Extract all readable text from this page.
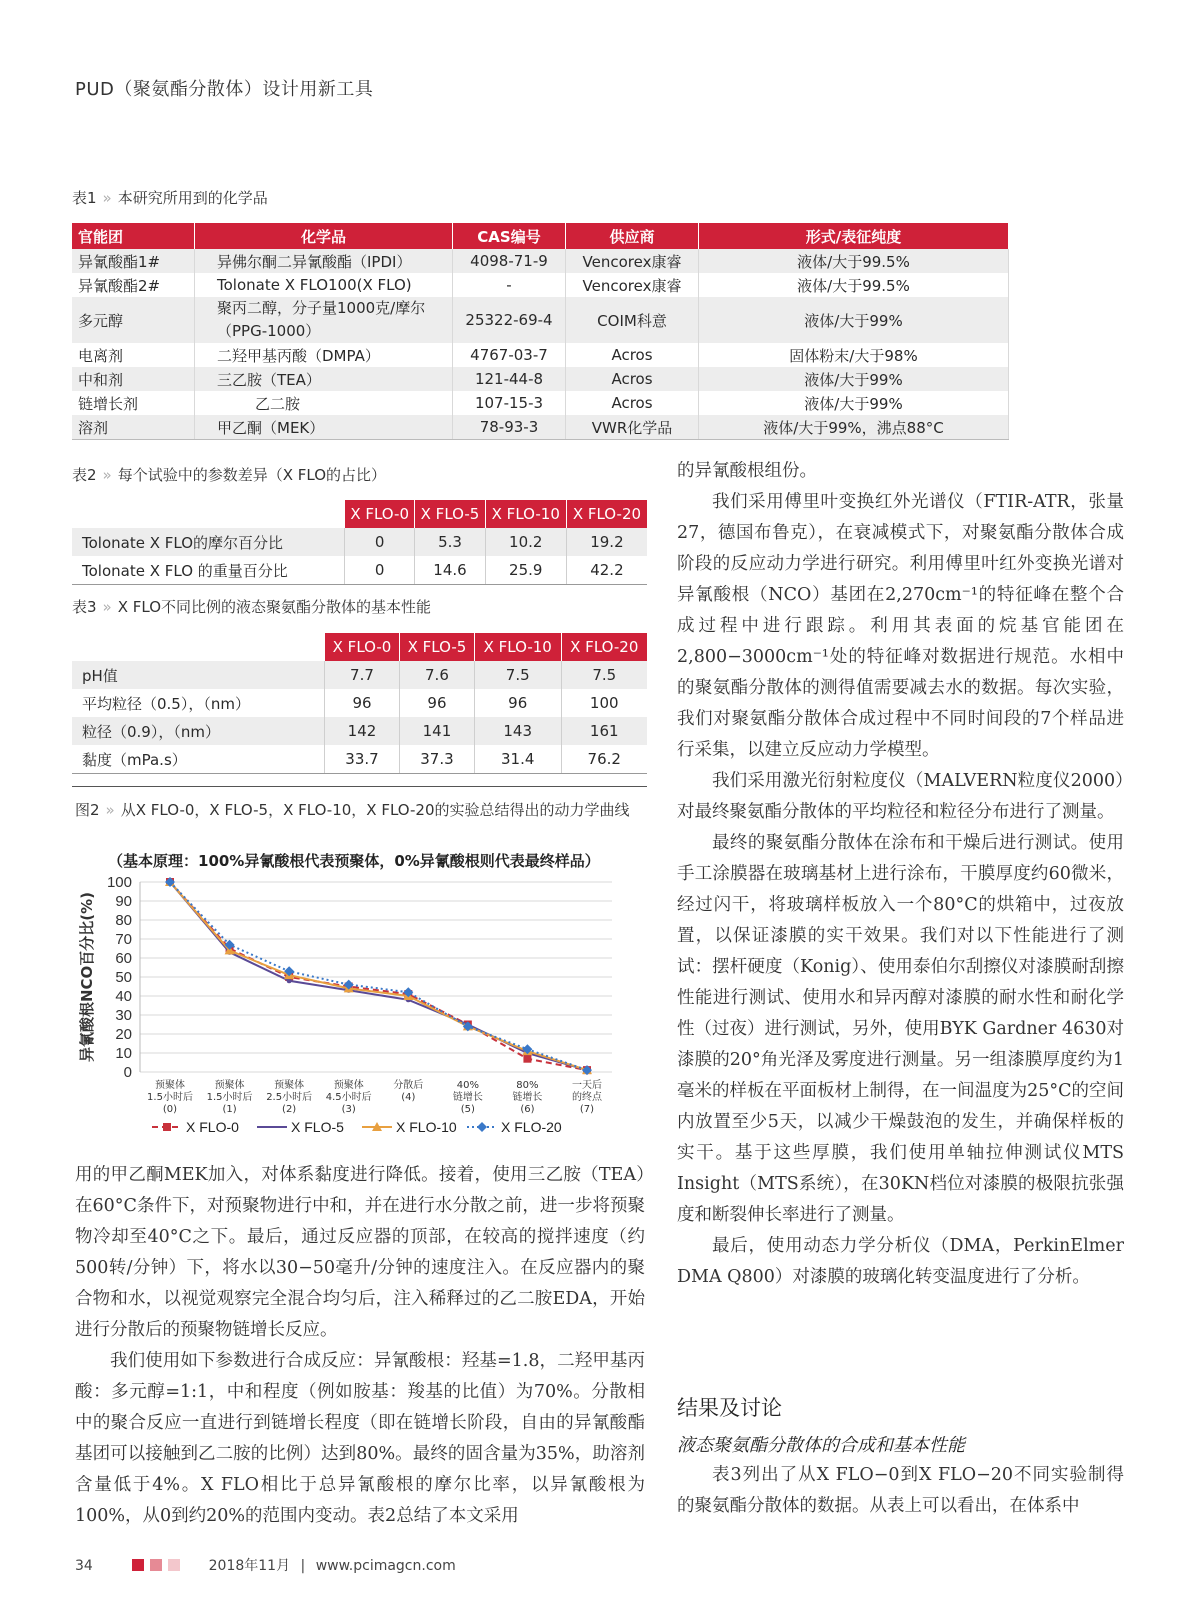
PUD（聚氨酯分散体）设计用新工具
表1 » 本研究所用到的化学品
官能团	化学品	CAS编号	供应商	形式/表征纯度
异氰酸酯1#	异佛尔酮二异氰酸酯（IPDI）	4098-71-9	Vencorex康睿	液体/大于99.5%
异氰酸酯2#	Tolonate X FLO100(X FLO)	-	Vencorex康睿	液体/大于99.5%
多元醇	聚丙二醇，分子量1000克/摩尔（PPG-1000）	25322-69-4	COIM科意	液体/大于99%
电离剂	二羟甲基丙酸（DMPA）	4767-03-7	Acros	固体粉末/大于98%
中和剂	三乙胺（TEA）	121-44-8	Acros	液体/大于99%
链增长剂	乙二胺	107-15-3	Acros	液体/大于99%
溶剂	甲乙酮（MEK）	78-93-3	VWR化学品	液体/大于99%，沸点88°C
表2 » 每个试验中的参数差异（X FLO的占比）
	X FLO-0	X FLO-5	X FLO-10	X FLO-20
Tolonate X FLO的摩尔百分比	0	5.3	10.2	19.2
Tolonate X FLO 的重量百分比	0	14.6	25.9	42.2
表3 » X FLO不同比例的液态聚氨酯分散体的基本性能
	X FLO-0	X FLO-5	X FLO-10	X FLO-20
pH值	7.7	7.6	7.5	7.5
平均粒径（0.5），（nm）	96	96	96	100
粒径（0.9），（nm）	142	141	143	161
黏度（mPa.s）	33.7	37.3	31.4	76.2
图2 » 从X FLO-0，X FLO-5，X FLO-10，X FLO-20的实验总结得出的动力学曲线
（基本原理：100%异氰酸根代表预聚体，0%异氰酸根则代表最终样品）
0
10
20
30
40
50
60
70
80
90
100
异氰酸根NCO百分比(%)
预聚体
1.5小时后
(0)
预聚体
1.5小时后
(1)
预聚体
2.5小时后
(2)
预聚体
4.5小时后
(3)
分散后
(4)
40%
链增长
(5)
80%
链增长
(6)
一天后
的终点
(7)
X FLO-0	X FLO-5	X FLO-10	X FLO-20

用的甲乙酮MEK加入，对体系黏度进行降低。接着，使用三乙胺（TEA）在60°C条件下，对预聚物进行中和，并在进行水分散之前，进一步将预聚物冷却至40°C之下。最后，通过反应器的顶部，在较高的搅拌速度（约500转/分钟）下，将水以30−50毫升/分钟的速度注入。在反应器内的聚合物和水，以视觉观察完全混合均匀后，注入稀释过的乙二胺EDA，开始进行分散后的预聚物链增长反应。

我们使用如下参数进行合成反应：异氰酸根：羟基=1.8，二羟甲基丙酸：多元醇=1:1，中和程度（例如胺基：羧基的比值）为70%。分散相中的聚合反应一直进行到链增长程度（即在链增长阶段，自由的异氰酸酯基团可以接触到乙二胺的比例）达到80%。最终的固含量为35%，助溶剂含量低于4%。X FLO相比于总异氰酸根的摩尔比率，以异氰酸根为100%，从0到约20%的范围内变动。表2总结了本文采用

的异氰酸根组份。

我们采用傅里叶变换红外光谱仪（FTIR-ATR，张量27，德国布鲁克），在衰减模式下，对聚氨酯分散体合成阶段的反应动力学进行研究。利用傅里叶红外变换光谱对异氰酸根（NCO）基团在2,270cm⁻¹的特征峰在整个合成过程中进行跟踪。利用其表面的烷基官能团在2,800−3000cm⁻¹处的特征峰对数据进行规范。水相中的聚氨酯分散体的测得值需要减去水的数据。每次实验，我们对聚氨酯分散体合成过程中不同时间段的7个样品进行采集，以建立反应动力学模型。

我们采用激光衍射粒度仪（MALVERN粒度仪2000）对最终聚氨酯分散体的平均粒径和粒径分布进行了测量。

最终的聚氨酯分散体在涂布和干燥后进行测试。使用手工涂膜器在玻璃基材上进行涂布，干膜厚度约60微米，经过闪干，将玻璃样板放入一个80°C的烘箱中，过夜放置，以保证漆膜的实干效果。我们对以下性能进行了测试：摆杆硬度（Konig）、使用泰伯尔刮擦仪对漆膜耐刮擦性能进行测试、使用水和异丙醇对漆膜的耐水性和耐化学性（过夜）进行测试，另外，使用BYK Gardner 4630对漆膜的20°角光泽及雾度进行测量。另一组漆膜厚度约为1毫米的样板在平面板材上制得，在一间温度为25°C的空间内放置至少5天，以减少干燥鼓泡的发生，并确保样板的实干。基于这些厚膜，我们使用单轴拉伸测试仪MTS Insight（MTS系统），在30KN档位对漆膜的极限抗张强度和断裂伸长率进行了测量。

最后，使用动态力学分析仪（DMA，PerkinElmer DMA Q800）对漆膜的玻璃化转变温度进行了分析。

结果及讨论
液态聚氨酯分散体的合成和基本性能

表3列出了从X FLO−0到X FLO−20不同实验制得的聚氨酯分散体的数据。从表上可以看出，在体系中

34	2018年11月 | www.pcimagcn.com
